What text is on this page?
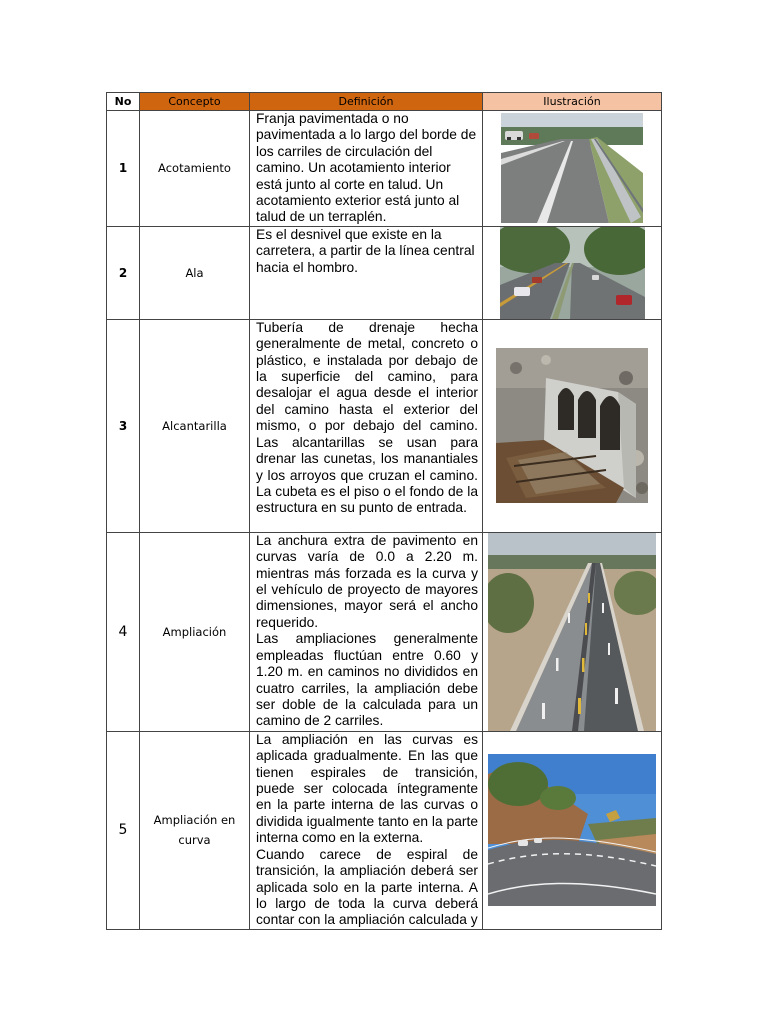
No	Concepto	Definición	Ilustración
1	Acotamiento	Franja pavimentada o no pavimentada a lo largo del borde de los carriles de circulación del camino. Un acotamiento interior está junto al corte en talud. Un acotamiento exterior está junto al talud de un terraplén.	

2	Ala	Es el desnivel que existe en la carretera, a partir de la línea central hacia el hombro.	

3	Alcantarilla	Tubería de drenaje hecha generalmente de metal, concreto o plástico, e instalada por debajo de la superficie del camino, para desalojar el agua desde el interior del camino hasta el exterior del mismo, o por debajo del camino. Las alcantarillas se usan para drenar las cunetas, los manantiales y los arroyos que cruzan el camino. La cubeta es el piso o el fondo de la estructura en su punto de entrada.	

4	Ampliación	La anchura extra de pavimento en curvas varía de 0.0 a 2.20 m. mientras más forzada es la curva y el vehículo de proyecto de mayores dimensiones, mayor será el ancho requerido.
Las ampliaciones generalmente empleadas fluctúan entre 0.60 y 1.20 m. en caminos no divididos en cuatro carriles, la ampliación debe ser doble de la calculada para un camino de 2 carriles.	

5	Ampliación en curva	La ampliación en las curvas es aplicada gradualmente. En las que tienen espirales de transición, puede ser colocada íntegramente en la parte interna de las curvas o dividida igualmente tanto en la parte interna como en la externa.
Cuando carece de espiral de transición, la ampliación deberá ser aplicada solo en la parte interna. A lo largo de toda la curva deberá contar con la ampliación calculada y	
